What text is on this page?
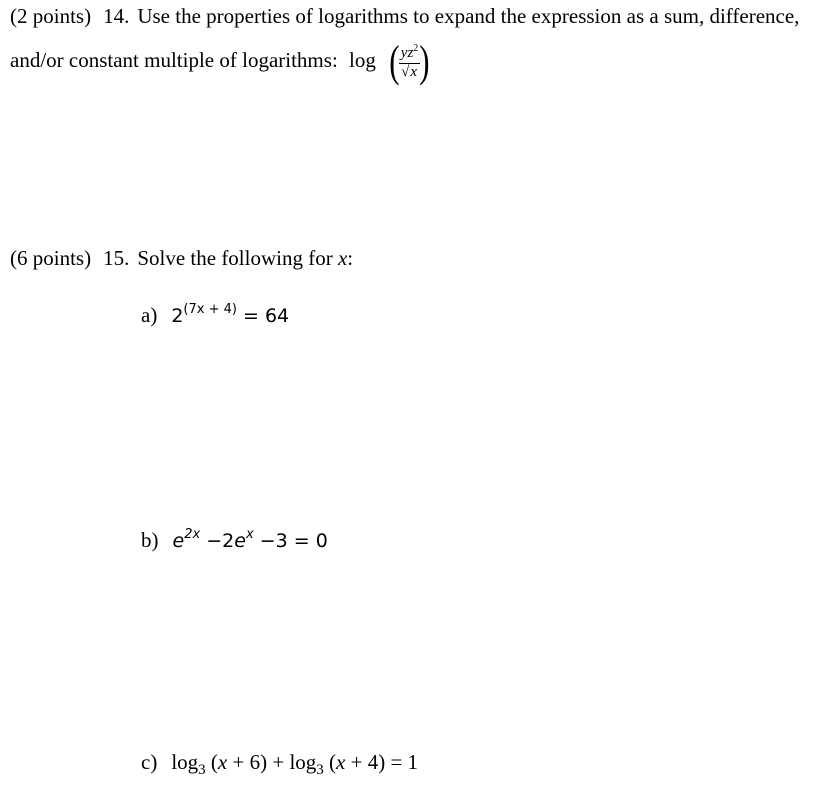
(2 points) 14. Use the properties of logarithms to expand the expression as a sum, difference,
and/or constant multiple of logarithms: log ( $\frac{yz^2}{√x}$ )
(6 points) 15. Solve the following for x:
a) $2^{(7x + 4)} = 64$
b) $e^{2x} -2e^x -3 = 0$
c) $\log_3 (x + 6) + \log_3 (x + 4) = 1$
